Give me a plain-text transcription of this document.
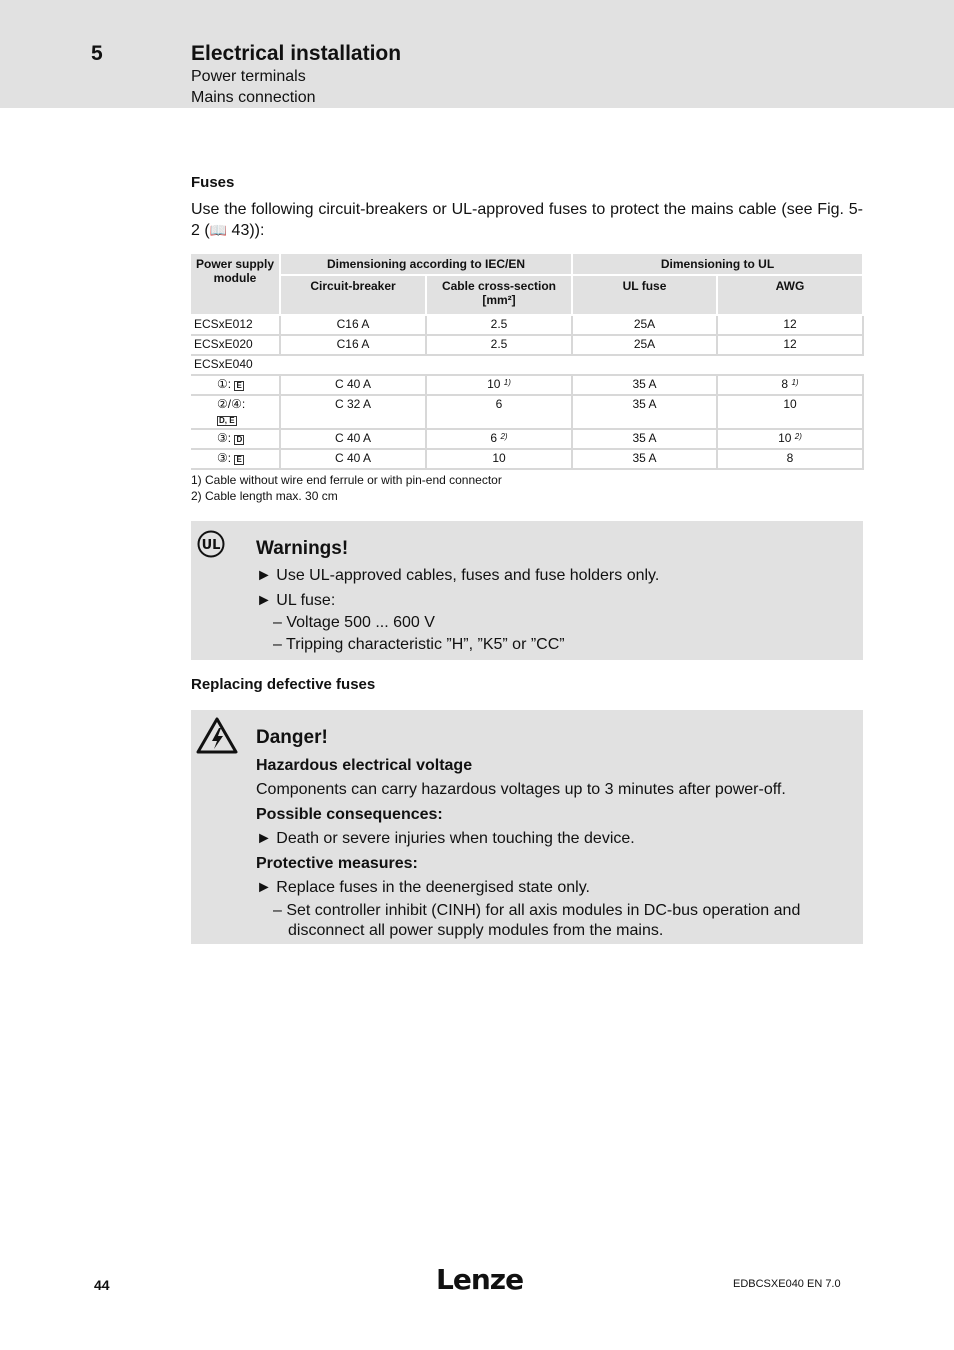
5	Electrical installation
Power terminals
Mains connection
Fuses
Use the following circuit-breakers or UL-approved fuses to protect the mains cable (see Fig. 5-2 (📖 43)):
Power supply module	Dimensioning according to IEC/EN		Dimensioning to UL	
	Circuit-breaker	Cable cross-section [mm²]	UL fuse	AWG
ECSxE012	C16 A	2.5	25A	12
ECSxE020	C16 A	2.5	25A	12
ECSxE040				
①: E	C 40 A	10 $^{1)}$	35 A	8 $^{1)}$
②/④:
D, E	C 32 A	6	35 A	10
③: D	C 40 A	6 $^{2)}$	35 A	10 $^{2)}$
③: E	C 40 A	10	35 A	8
1) Cable without wire end ferrule or with pin-end connector
2) Cable length max. 30 cm
UL Warnings!
► Use UL-approved cables, fuses and fuse holders only.
► UL fuse:
– Voltage 500 ... 600 V
– Tripping characteristic ”H”, ”K5” or ”CC”
Replacing defective fuses
Danger!
Hazardous electrical voltage
Components can carry hazardous voltages up to 3 minutes after power-off.
Possible consequences:
► Death or severe injuries when touching the device.
Protective measures:
► Replace fuses in the deenergised state only.
– Set controller inhibit (CINH) for all axis modules in DC-bus operation and
disconnect all power supply modules from the mains.
44	Lenze	EDBCSXE040 EN 7.0
